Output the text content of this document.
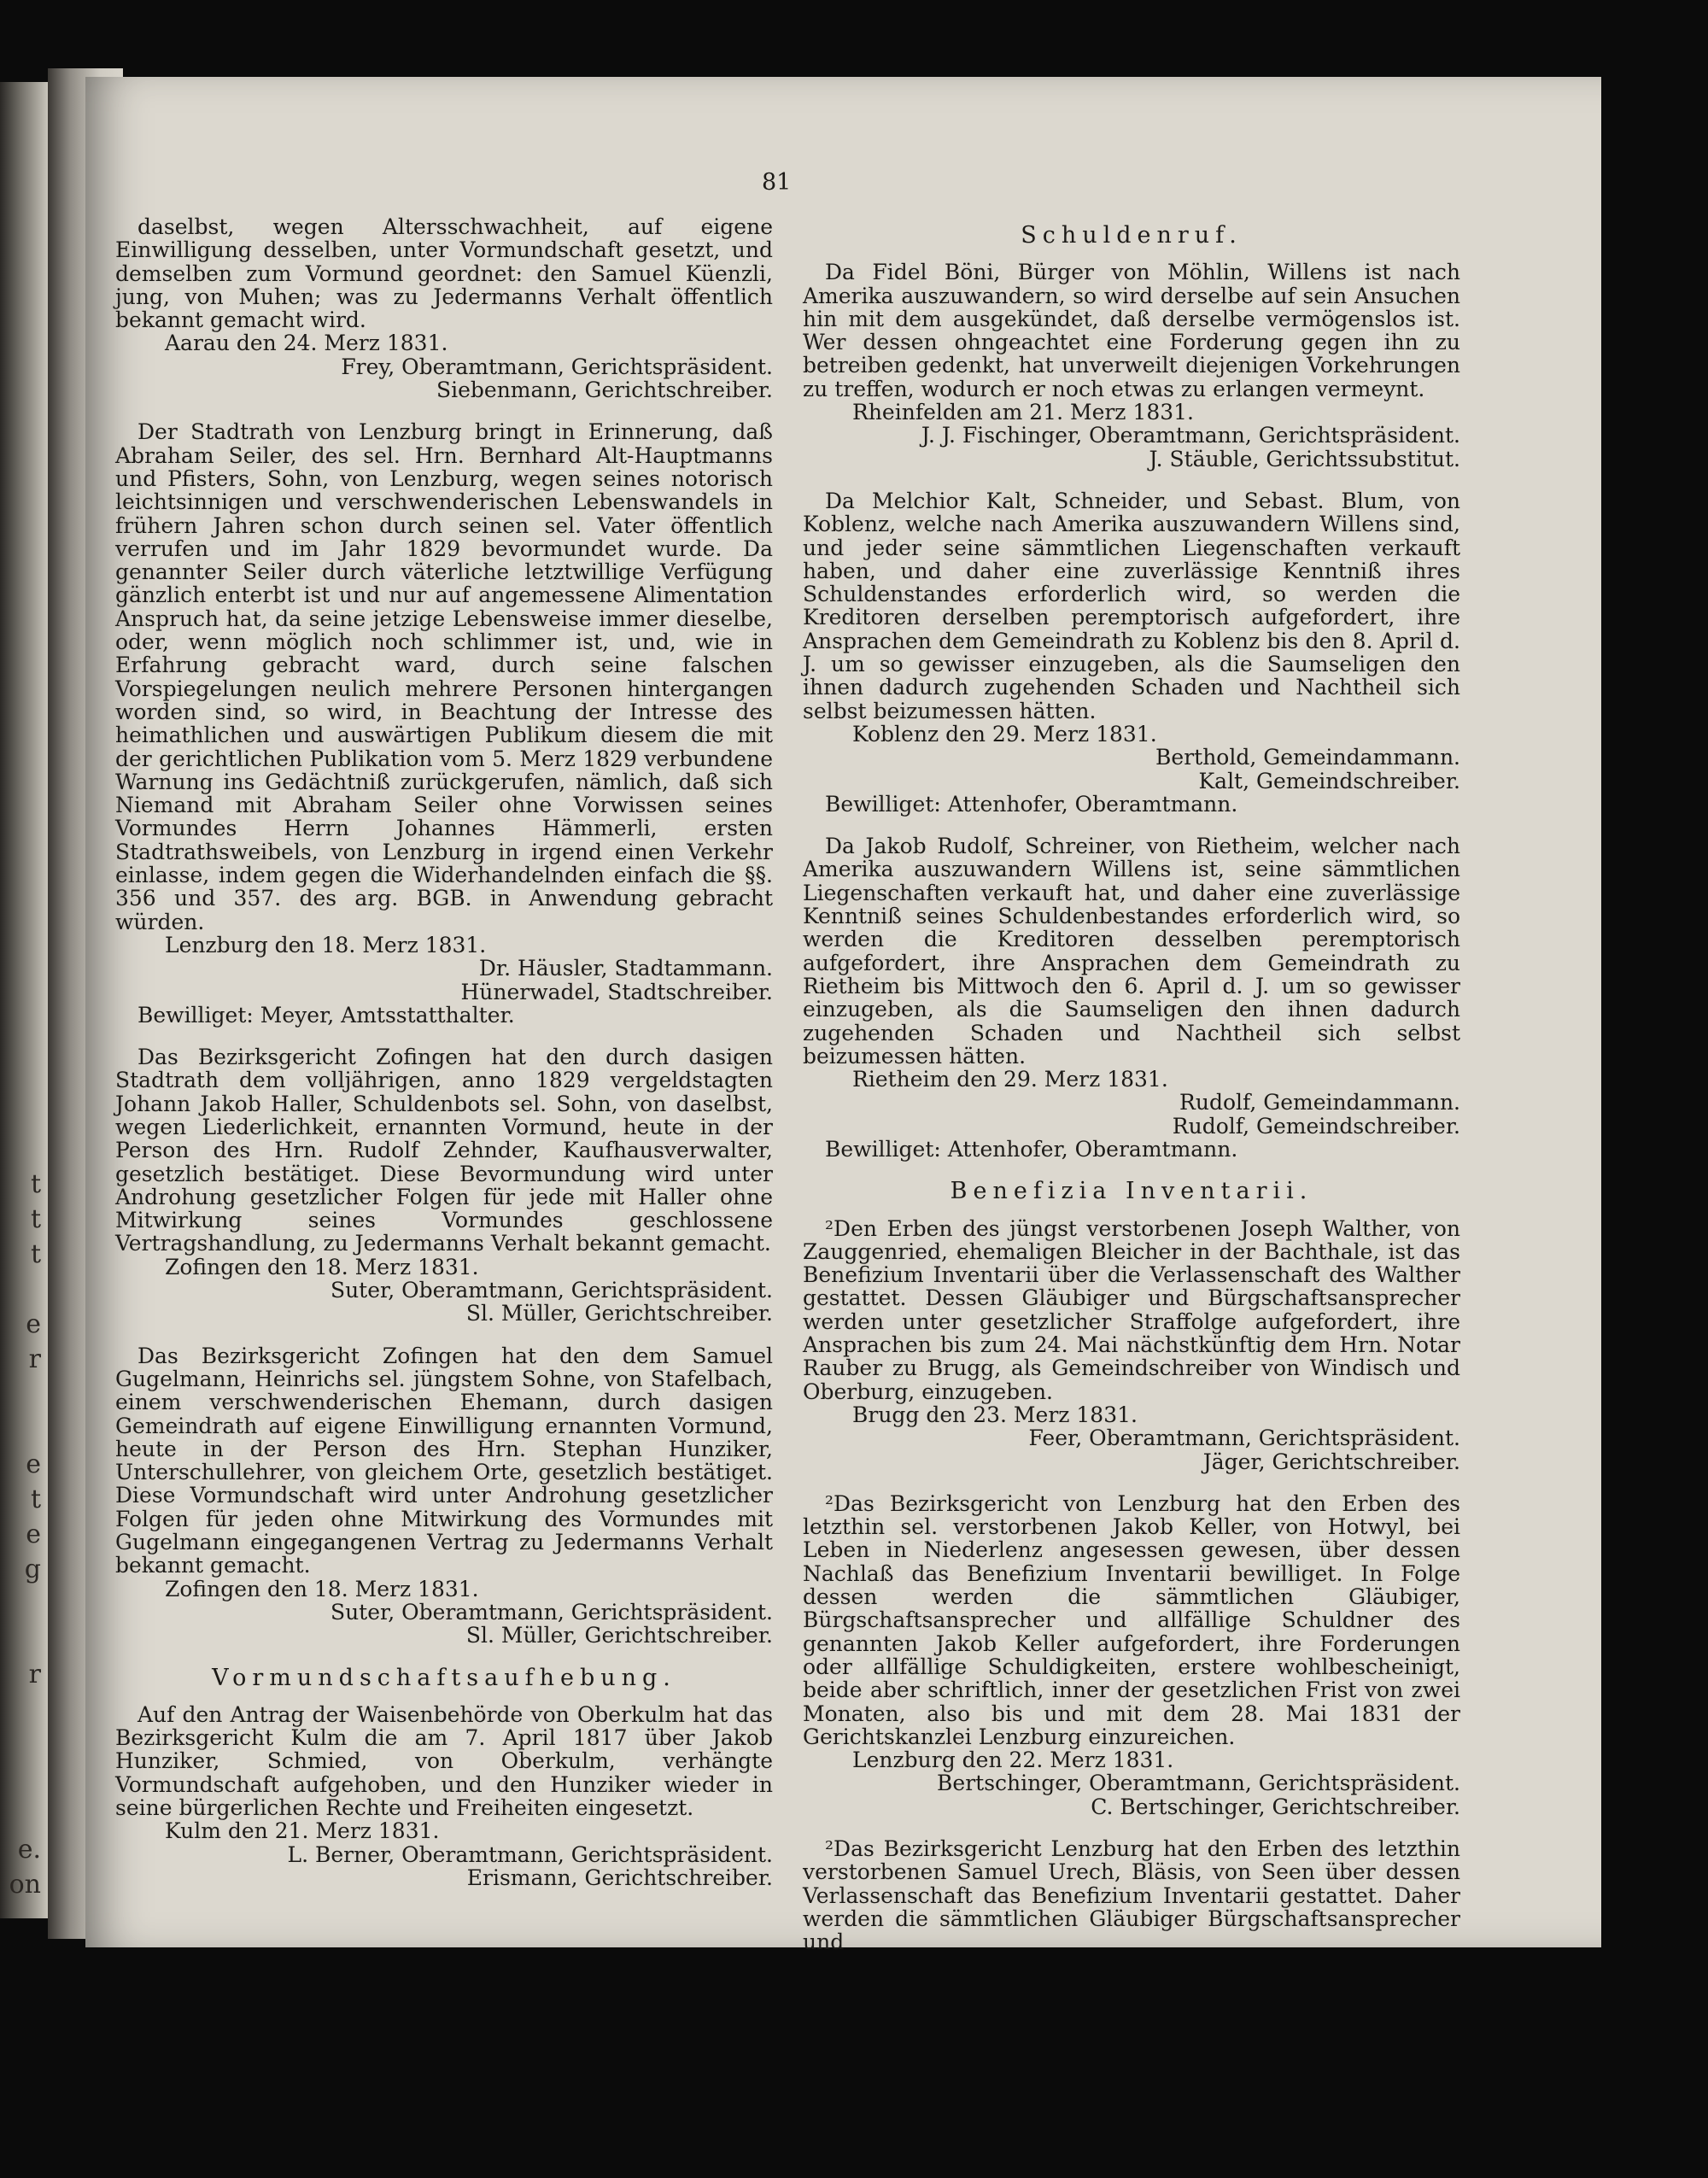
t
t
t

e
r

e
t
e
g

r

e.
on
81

daselbst, wegen Altersschwachheit, auf eigene Einwilligung desselben, unter Vormundschaft gesetzt, und demselben zum Vormund geordnet: den Samuel Küenzli, jung, von Muhen; was zu Jedermanns Verhalt öffentlich bekannt gemacht wird.

Aarau den 24. Merz 1831.

Frey, Oberamtmann, Gerichtspräsident.

Siebenmann, Gerichtschreiber.

Der Stadtrath von Lenzburg bringt in Erinnerung, daß Abraham Seiler, des sel. Hrn. Bernhard Alt-Hauptmanns und Pfisters, Sohn, von Lenzburg, wegen seines notorisch leichtsinnigen und verschwenderischen Lebenswandels in frühern Jahren schon durch seinen sel. Vater öffentlich verrufen und im Jahr 1829 bevormundet wurde. Da genannter Seiler durch väterliche letztwillige Verfügung gänzlich enterbt ist und nur auf angemessene Alimentation Anspruch hat, da seine jetzige Lebensweise immer dieselbe, oder, wenn möglich noch schlimmer ist, und, wie in Erfahrung gebracht ward, durch seine falschen Vorspiegelungen neulich mehrere Personen hintergangen worden sind, so wird, in Beachtung der Intresse des heimathlichen und auswärtigen Publikum diesem die mit der gerichtlichen Publikation vom 5. Merz 1829 verbundene Warnung ins Gedächtniß zurückgerufen, nämlich, daß sich Niemand mit Abraham Seiler ohne Vorwissen seines Vormundes Herrn Johannes Hämmerli, ersten Stadtrathsweibels, von Lenzburg in irgend einen Verkehr einlasse, indem gegen die Widerhandelnden einfach die §§. 356 und 357. des arg. BGB. in Anwendung gebracht würden.

Lenzburg den 18. Merz 1831.

Dr. Häusler, Stadtammann.

Hünerwadel, Stadtschreiber.

Bewilliget: Meyer, Amtsstatthalter.

Das Bezirksgericht Zofingen hat den durch dasigen Stadtrath dem volljährigen, anno 1829 vergeldstagten Johann Jakob Haller, Schuldenbots sel. Sohn, von daselbst, wegen Liederlichkeit, ernannten Vormund, heute in der Person des Hrn. Rudolf Zehnder, Kaufhausverwalter, gesetzlich bestätiget. Diese Bevormundung wird unter Androhung gesetzlicher Folgen für jede mit Haller ohne Mitwirkung seines Vormundes geschlossene Vertragshandlung, zu Jedermanns Verhalt bekannt gemacht.

Zofingen den 18. Merz 1831.

Suter, Oberamtmann, Gerichtspräsident.

Sl. Müller, Gerichtschreiber.

Das Bezirksgericht Zofingen hat den dem Samuel Gugelmann, Heinrichs sel. jüngstem Sohne, von Stafelbach, einem verschwenderischen Ehemann, durch dasigen Gemeindrath auf eigene Einwilligung ernannten Vormund, heute in der Person des Hrn. Stephan Hunziker, Unterschullehrer, von gleichem Orte, gesetzlich bestätiget. Diese Vormundschaft wird unter Androhung gesetzlicher Folgen für jeden ohne Mitwirkung des Vormundes mit Gugelmann eingegangenen Vertrag zu Jedermanns Verhalt bekannt gemacht.

Zofingen den 18. Merz 1831.

Suter, Oberamtmann, Gerichtspräsident.

Sl. Müller, Gerichtschreiber.

Vormundschaftsaufhebung.

Auf den Antrag der Waisenbehörde von Oberkulm hat das Bezirksgericht Kulm die am 7. April 1817 über Jakob Hunziker, Schmied, von Oberkulm, verhängte Vormundschaft aufgehoben, und den Hunziker wieder in seine bürgerlichen Rechte und Freiheiten eingesetzt.

Kulm den 21. Merz 1831.

L. Berner, Oberamtmann, Gerichtspräsident.

Erismann, Gerichtschreiber.

Schuldenruf.

Da Fidel Böni, Bürger von Möhlin, Willens ist nach Amerika auszuwandern, so wird derselbe auf sein Ansuchen hin mit dem ausgekündet, daß derselbe vermögenslos ist. Wer dessen ohngeachtet eine Forderung gegen ihn zu betreiben gedenkt, hat unverweilt diejenigen Vorkehrungen zu treffen, wodurch er noch etwas zu erlangen vermeynt.

Rheinfelden am 21. Merz 1831.

J. J. Fischinger, Oberamtmann, Gerichtspräsident.

J. Stäuble, Gerichtssubstitut.

Da Melchior Kalt, Schneider, und Sebast. Blum, von Koblenz, welche nach Amerika auszuwandern Willens sind, und jeder seine sämmtlichen Liegenschaften verkauft haben, und daher eine zuverlässige Kenntniß ihres Schuldenstandes erforderlich wird, so werden die Kreditoren derselben peremptorisch aufgefordert, ihre Ansprachen dem Gemeindrath zu Koblenz bis den 8. April d. J. um so gewisser einzugeben, als die Saumseligen den ihnen dadurch zugehenden Schaden und Nachtheil sich selbst beizumessen hätten.

Koblenz den 29. Merz 1831.

Berthold, Gemeindammann.

Kalt, Gemeindschreiber.

Bewilliget: Attenhofer, Oberamtmann.

Da Jakob Rudolf, Schreiner, von Rietheim, welcher nach Amerika auszuwandern Willens ist, seine sämmtlichen Liegenschaften verkauft hat, und daher eine zuverlässige Kenntniß seines Schuldenbestandes erforderlich wird, so werden die Kreditoren desselben peremptorisch aufgefordert, ihre Ansprachen dem Gemeindrath zu Rietheim bis Mittwoch den 6. April d. J. um so gewisser einzugeben, als die Saumseligen den ihnen dadurch zugehenden Schaden und Nachtheil sich selbst beizumessen hätten.

Rietheim den 29. Merz 1831.

Rudolf, Gemeindammann.

Rudolf, Gemeindschreiber.

Bewilliget: Attenhofer, Oberamtmann.

Benefizia Inventarii.

²Den Erben des jüngst verstorbenen Joseph Walther, von Zauggenried, ehemaligen Bleicher in der Bachthale, ist das Benefizium Inventarii über die Verlassenschaft des Walther gestattet. Dessen Gläubiger und Bürgschaftsansprecher werden unter gesetzlicher Straffolge aufgefordert, ihre Ansprachen bis zum 24. Mai nächstkünftig dem Hrn. Notar Rauber zu Brugg, als Gemeindschreiber von Windisch und Oberburg, einzugeben.

Brugg den 23. Merz 1831.

Feer, Oberamtmann, Gerichtspräsident.

Jäger, Gerichtschreiber.

²Das Bezirksgericht von Lenzburg hat den Erben des letzthin sel. verstorbenen Jakob Keller, von Hotwyl, bei Leben in Niederlenz angesessen gewesen, über dessen Nachlaß das Benefizium Inventarii bewilliget. In Folge dessen werden die sämmtlichen Gläubiger, Bürgschaftsansprecher und allfällige Schuldner des genannten Jakob Keller aufgefordert, ihre Forderungen oder allfällige Schuldigkeiten, erstere wohlbescheinigt, beide aber schriftlich, inner der gesetzlichen Frist von zwei Monaten, also bis und mit dem 28. Mai 1831 der Gerichtskanzlei Lenzburg einzureichen.

Lenzburg den 22. Merz 1831.

Bertschinger, Oberamtmann, Gerichtspräsident.

C. Bertschinger, Gerichtschreiber.

²Das Bezirksgericht Lenzburg hat den Erben des letzthin verstorbenen Samuel Urech, Bläsis, von Seen über dessen Verlassenschaft das Benefizium Inventarii gestattet. Daher werden die sämmtlichen Gläubiger Bürgschaftsansprecher und
